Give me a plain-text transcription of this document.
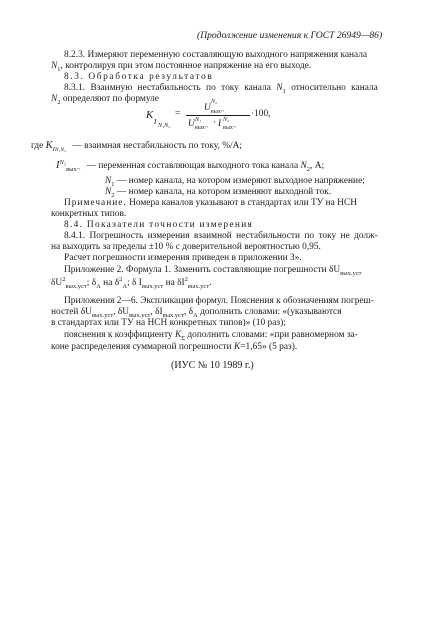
(Продолжение изменения к ГОСТ 26949—86)
8.2.3. Измеряют переменную составляющую выходного напряжения канала
$N_1$, контролируя при этом постоянное напряжение на его выходе.
8.3. Обработка результатов
8.3.1. Взаимную нестабильность по току канала $N_1$ относительно канала
$N_2$ определяют по формуле
K
I N₁N₂
=
U
N₂
вых~
U N₁
вых~ · I N₂
вых~
·100,
где $K_{IN_1N_2}$ — взаимная нестабильность по току, %/А;
$I^{N_2}_{вых\sim}$ — переменная составляющая выходного тока канала $N_2$, А;
$N_1$ — номер канала, на котором измеряют выходное напряжение;
$N_2$ — номер канала, на котором изменяют выходной ток.
Примечание. Номера каналов указывают в стандартах или ТУ на НСН
конкретных типов.
8.4. Показатели точности измерения
8.4.1. Погрешность измерения взаимной нестабильности по току не долж-
на выходить за пределы ±10 % с доверительной вероятностью 0,95.
Расчет погрешности измерения приведен в приложении 3».
Приложение 2. Формула 1. Заменить составляющие погрешности $\delta U_{вых.уст}$
$\delta U^2_{вых.уст}$; $\delta_А$ на $\delta^2_А$; δ $I_{вых.уст}$ на $\delta I^2_{вых.уст}$.
Приложения 2—6. Экспликации формул. Пояснения к обозначениям погреш-
ностей $\delta U_{вых.уст}$, $\delta U_{вых.уст}$, $\delta I_{вых.уст}$, $\delta_А$ дополнить словами: «(указываются
в стандартах или ТУ на НСН конкретных типов)» (10 раз);
пояснения к коэффициенту $K_\Sigma$ дополнить словами: «при равномерном за-
коне распределения суммарной погрешности K=1,65» (5 раз).
(ИУС № 10 1989 г.)
